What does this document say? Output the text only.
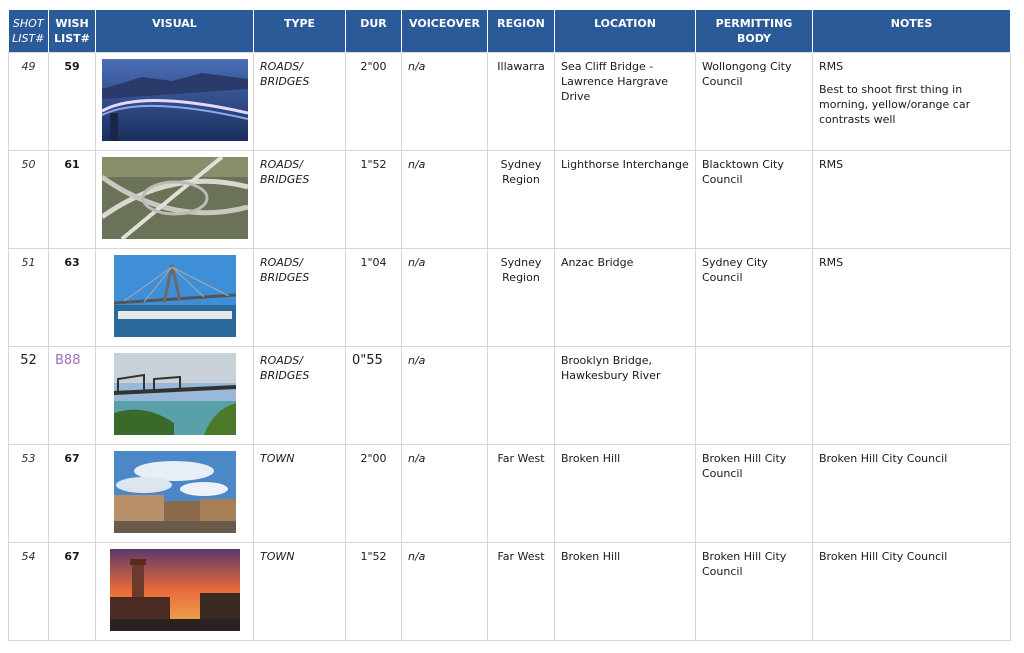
SHOT LIST#	WISH LIST#	VISUAL	TYPE	DUR	VOICEOVER	REGION	LOCATION	PERMITTING BODY	NOTES
49	59		ROADS/ BRIDGES	2"00	n/a	Illawarra	Sea Cliff Bridge - Lawrence Hargrave Drive	Wollongong City Council	RMS
Best to shoot first thing in morning, yellow/orange car contrasts well

50	61		ROADS/ BRIDGES	1"52	n/a	Sydney Region	Lighthorse Interchange	Blacktown City Council	RMS

51	63		ROADS/ BRIDGES	1"04	n/a	Sydney Region	Anzac Bridge	Sydney City Council	RMS

52	B88		ROADS/ BRIDGES	0"55	n/a		Brooklyn Bridge, Hawkesbury River		

53	67		TOWN	2"00	n/a	Far West	Broken Hill	Broken Hill City Council	Broken Hill City Council

54	67		TOWN	1"52	n/a	Far West	Broken Hill	Broken Hill City Council	Broken Hill City Council
